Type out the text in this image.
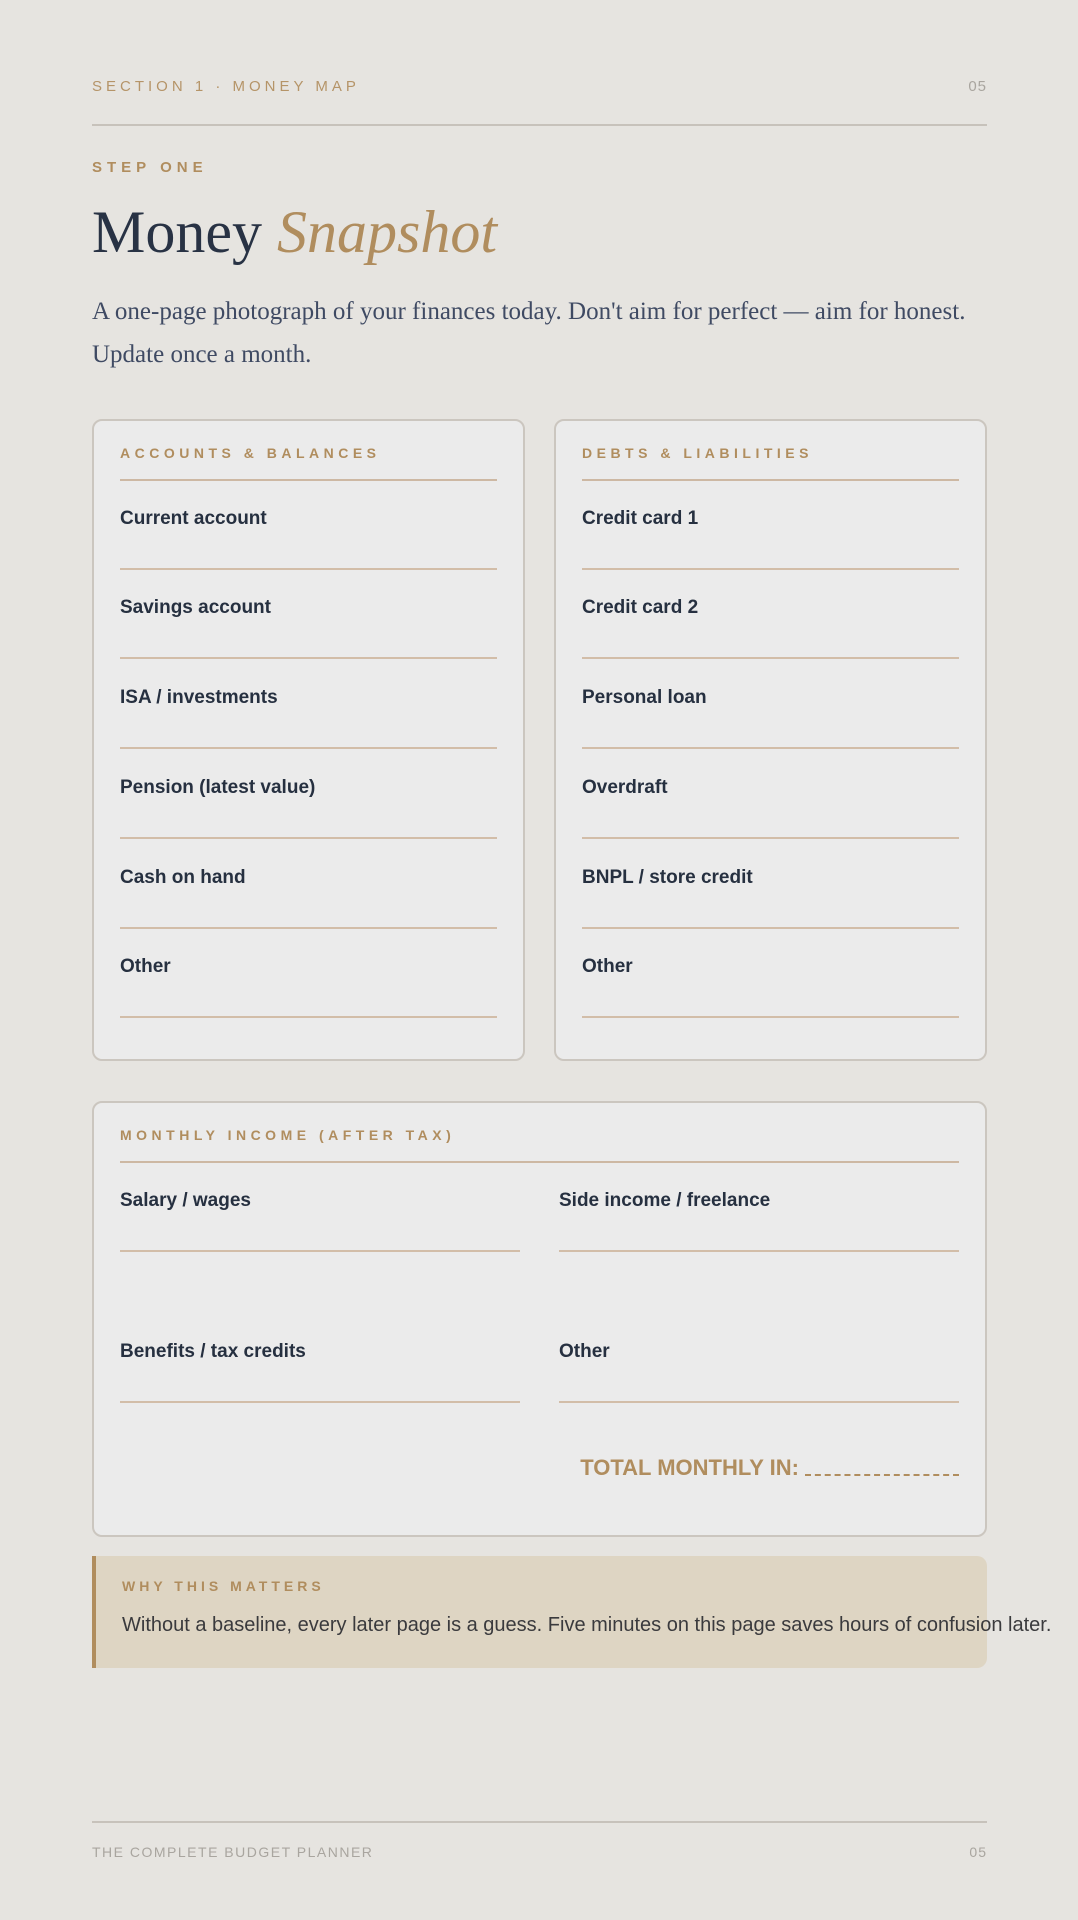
SECTION 1 · MONEY MAP	05
STEP ONE
Money Snapshot

A one-page photograph of your finances today. Don't aim for perfect — aim for honest. Update once a month.

ACCOUNTS & BALANCES
Current account
Savings account
ISA / investments
Pension (latest value)
Cash on hand
Other
DEBTS & LIABILITIES
Credit card 1
Credit card 2
Personal loan
Overdraft
BNPL / store credit
Other
MONTHLY INCOME (AFTER TAX)
Salary / wages	Side income / freelance
Benefits / tax credits	Other
TOTAL MONTHLY IN:
WHY THIS MATTERS
Without a baseline, every later page is a guess. Five minutes on this page saves hours of confusion later.
THE COMPLETE BUDGET PLANNER	05
